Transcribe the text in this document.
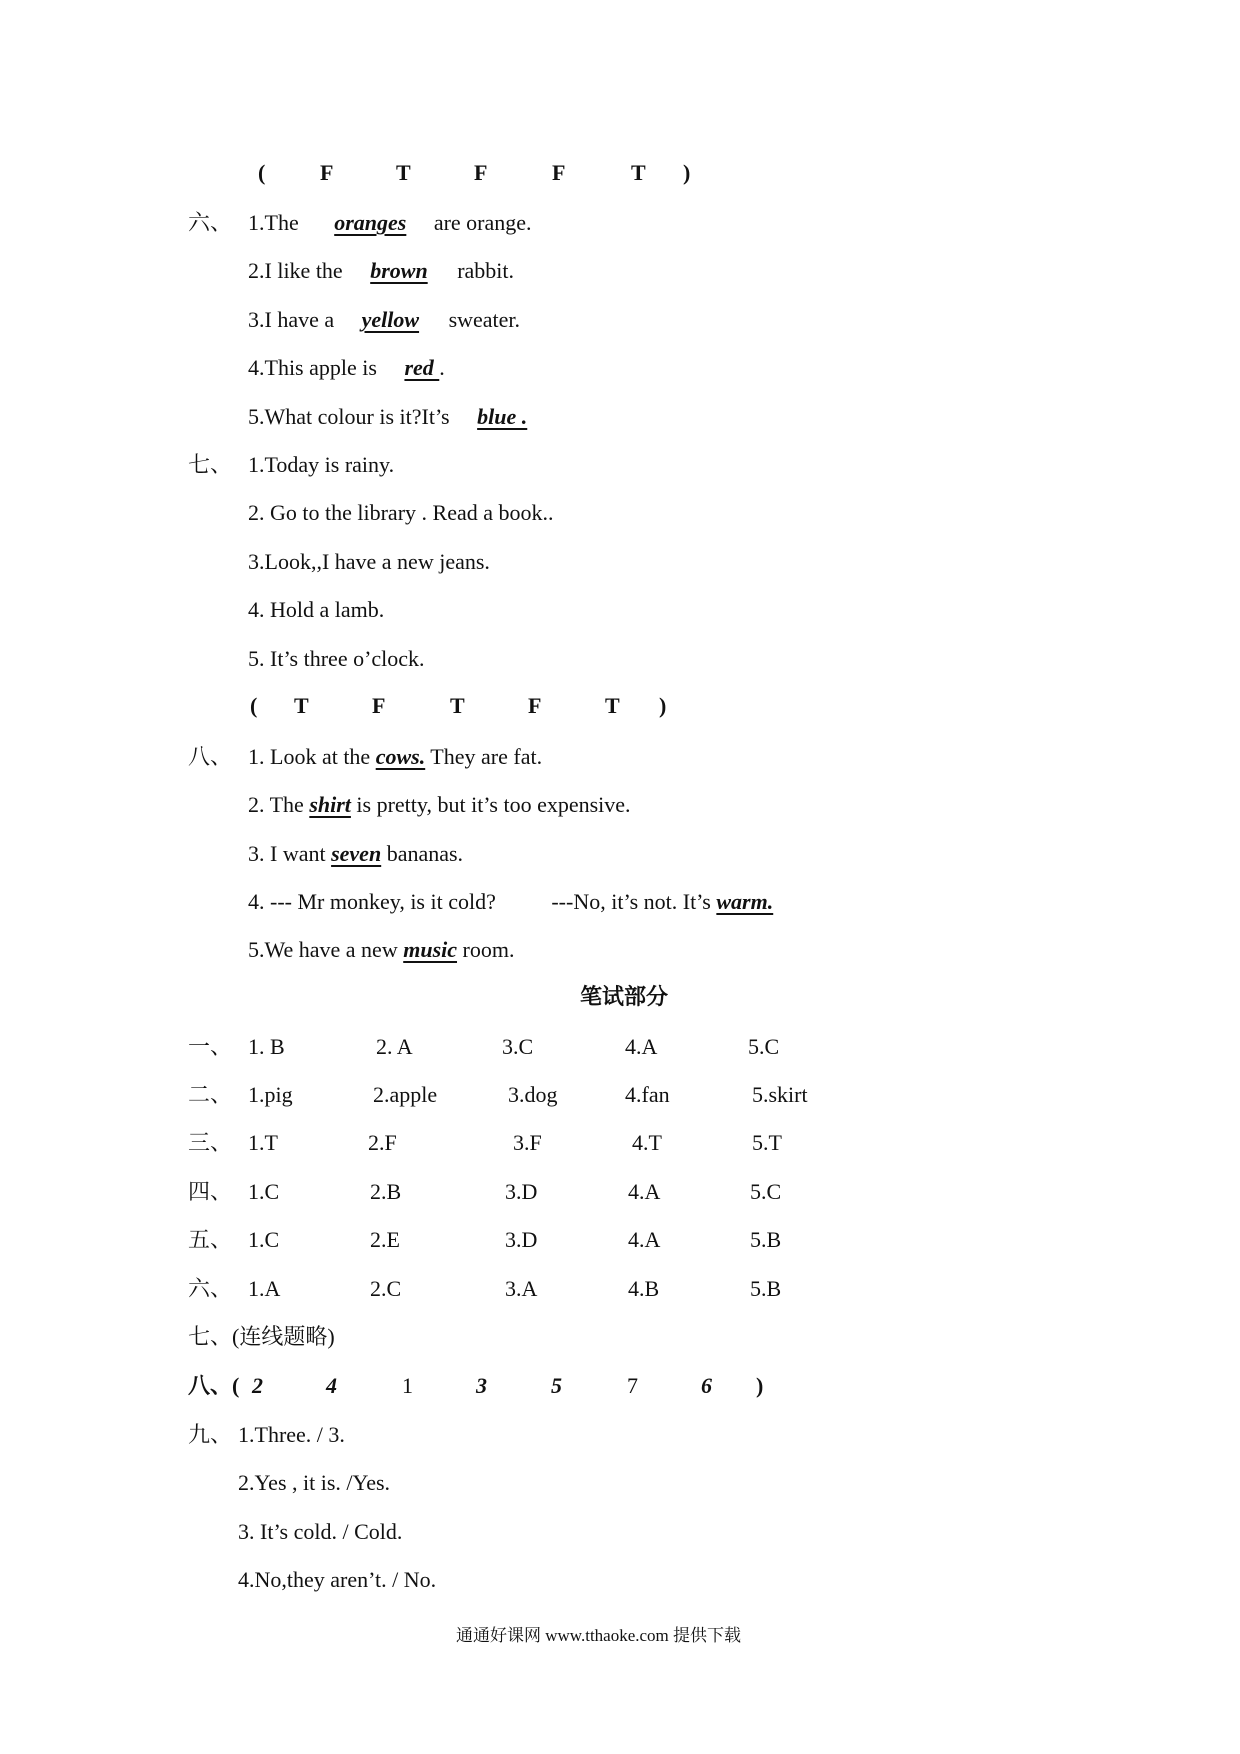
( F	T	F	F	T )
六、 1.The oranges are orange.
2.I like the brown rabbit.
3.I have a yellow sweater.
4.This apple is red .
5.What colour is it?It’s blue .
七、 1.Today is rainy.
2. Go to the library . Read a book..
3.Look,,I have a new jeans.
4. Hold a lamb.
5. It’s three o’clock.
( T	F	T	F	T )
八、 1. Look at the cows. They are fat.
2. The shirt is pretty, but it’s too expensive.
3. I want seven bananas.
4. --- Mr monkey, is it cold?	---No, it’s not. It’s warm.
5.We have a new music room.
笔试部分
一、 1. B	2. A	3.C	4.A	5.C
二、 1.pig	2.apple	3.dog	4.fan	5.skirt
三、 1.T	2.F	3.F	4.T	5.T
四、 1.C	2.B	3.D	4.A	5.C
五、 1.C	2.E	3.D	4.A	5.B
六、 1.A	2.C	3.A	4.B	5.B
七、(连线题略)
八、( 2	4	1	3	5	7	6 )
九、 1.Three. / 3.
2.Yes , it is. /Yes.
3. It’s cold. / Cold.
4.No,they aren’t. / No.
通通好课网 www.tthaoke.com 提供下载
